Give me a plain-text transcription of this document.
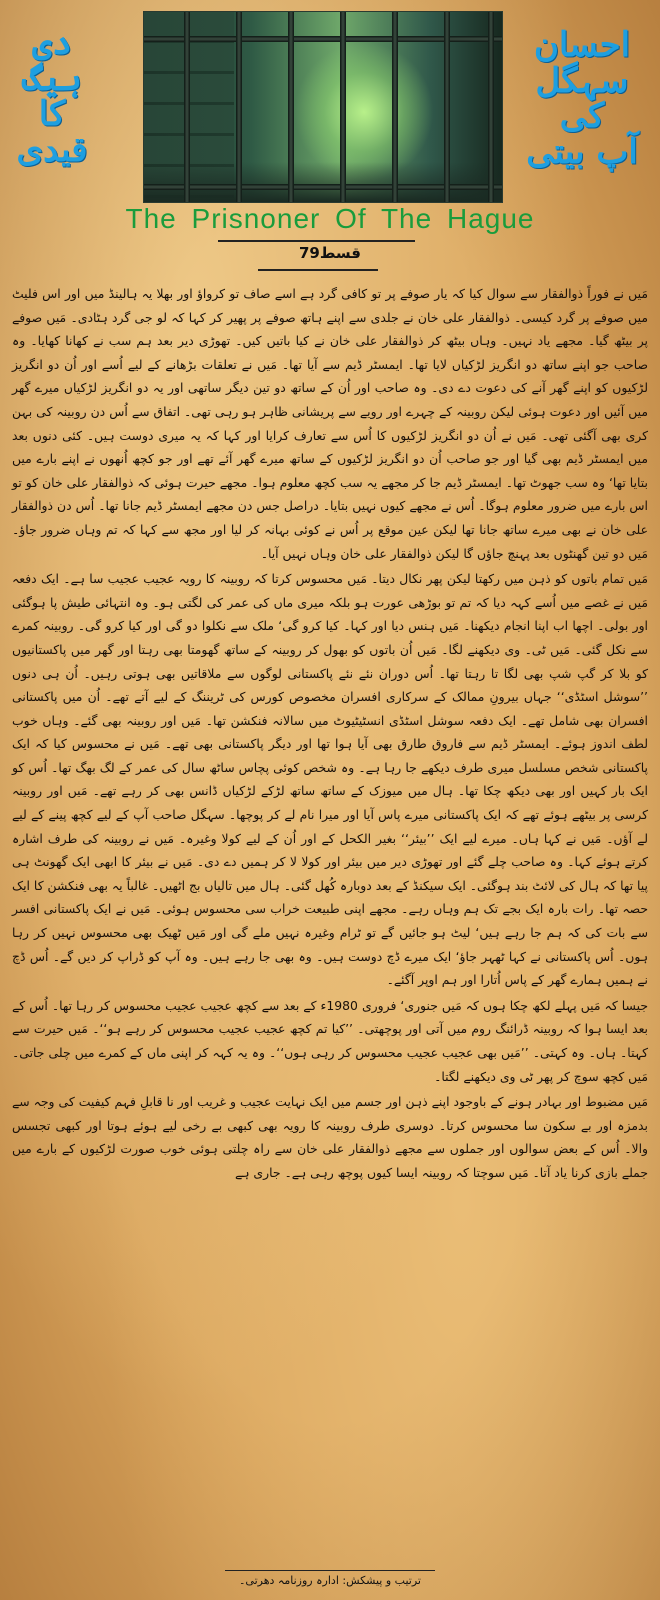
احسان سہگل
کی
آپ بیتی
دی ہیگ
کا
قیدی
The Prisnoner Of The Hague
قسط79

مَیں نے فوراً ذوالفقار سے سوال کیا کہ یار صوفے پر تو کافی گرد ہے اسے صاف تو کرواؤ اور بھلا یہ ہالینڈ میں اور اس فلیٹ میں صوفے پر گرد کیسی۔ ذوالفقار علی خان نے جلدی سے اپنے ہاتھ صوفے پر پھیر کر کہا کہ لو جی گرد ہٹادی۔ مَیں صوفے پر بیٹھ گیا۔ مجھے یاد نہیں۔ وہاں بیٹھ کر ذوالفقار علی خان نے کیا باتیں کیں۔ تھوڑی دیر بعد ہم سب نے کھانا کھایا۔ وہ صاحب جو اپنے ساتھ دو انگریز لڑکیاں لایا تھا۔ ایمسٹر ڈیم سے آیا تھا۔ مَیں نے تعلقات بڑھانے کے لیے اُسے اور اُن دو انگریز لڑکیوں کو اپنے گھر آنے کی دعوت دے دی۔ وہ صاحب اور اُن کے ساتھ دو تین دیگر ساتھی اور یہ دو انگریز لڑکیاں میرے گھر میں آئیں اور دعوت ہوئی لیکن روبینہ کے چہرے اور رویے سے پریشانی ظاہر ہو رہی تھی۔ اتفاق سے اُس دن روبینہ کی بہن کری بھی آگئی تھی۔ مَیں نے اُن دو انگریز لڑکیوں کا اُس سے تعارف کرایا اور کہا کہ یہ میری دوست ہیں۔ کئی دنوں بعد میں ایمسٹر ڈیم بھی گیا اور جو صاحب اُن دو انگریز لڑکیوں کے ساتھ میرے گھر آئے تھے اور جو کچھ اُنھوں نے اپنے بارے میں بتایا تھا‘ وہ سب جھوٹ تھا۔ ایمسٹر ڈیم جا کر مجھے یہ سب کچھ معلوم ہوا۔ مجھے حیرت ہوئی کہ ذوالفقار علی خان کو تو اس بارے میں ضرور معلوم ہوگا۔ اُس نے مجھے کیوں نہیں بتایا۔ دراصل جس دن مجھے ایمسٹر ڈیم جانا تھا۔ اُس دن ذوالفقار علی خان نے بھی میرے ساتھ جانا تھا لیکن عین موقع پر اُس نے کوئی بہانہ کر لیا اور مجھ سے کہا کہ تم وہاں ضرور جاؤ۔ مَیں دو تین گھنٹوں بعد پہنچ جاؤں گا لیکن ذوالفقار علی خان وہاں نہیں آیا۔

مَیں تمام باتوں کو ذہن میں رکھتا لیکن پھر نکال دیتا۔ مَیں محسوس کرتا کہ روبینہ کا رویہ عجیب عجیب سا ہے۔ ایک دفعہ مَیں نے غصے میں اُسے کہہ دیا کہ تم تو بوڑھی عورت ہو بلکہ میری ماں کی عمر کی لگتی ہو۔ وہ انتہائی طیش پا ہوگئی اور بولی۔ اچھا اب اپنا انجام دیکھنا۔ مَیں ہنس دیا اور کہا۔ کیا کرو گی‘ ملک سے نکلوا دو گی اور کیا کرو گی۔ روبینہ کمرے سے نکل گئی۔ مَیں ٹی۔ وی دیکھنے لگا۔ مَیں اُن باتوں کو بھول کر روبینہ کے ساتھ گھومتا بھی رہتا اور گھر میں پاکستانیوں کو بلا کر گپ شپ بھی لگا تا رہتا تھا۔ اُس دوران نئے نئے پاکستانی لوگوں سے ملاقاتیں بھی ہوتی رہیں۔ اُن ہی دنوں ’’سوشل اسٹڈی‘‘ جہاں بیرونِ ممالک کے سرکاری افسران مخصوص کورس کی ٹریننگ کے لیے آتے تھے۔ اُن میں پاکستانی افسران بھی شامل تھے۔ ایک دفعہ سوشل اسٹڈی انسٹیٹیوٹ میں سالانہ فنکشن تھا۔ مَیں اور روبینہ بھی گئے۔ وہاں خوب لطف اندوز ہوئے۔ ایمسٹر ڈیم سے فاروق طارق بھی آیا ہوا تھا اور دیگر پاکستانی بھی تھے۔ مَیں نے محسوس کیا کہ ایک پاکستانی شخص مسلسل میری طرف دیکھے جا رہا ہے۔ وہ شخص کوئی پچاس ساٹھ سال کی عمر کے لگ بھگ تھا۔ اُس کو ایک بار کہیں اور بھی دیکھ چکا تھا۔ ہال میں میوزک کے ساتھ ساتھ لڑکے لڑکیاں ڈانس بھی کر رہے تھے۔ مَیں اور روبینہ کرسی پر بیٹھے ہوئے تھے کہ ایک پاکستانی میرے پاس آیا اور میرا نام لے کر پوچھا۔ سہگل صاحب آپ کے لیے کچھ پینے کے لیے لے آؤں۔ مَیں نے کہا ہاں۔ میرے لیے ایک ’’بیئر‘‘ بغیر الکحل کے اور اُن کے لیے کولا وغیرہ۔ مَیں نے روبینہ کی طرف اشارہ کرتے ہوئے کہا۔ وہ صاحب چلے گئے اور تھوڑی دیر میں بیئر اور کولا لا کر ہمیں دے دی۔ مَیں نے بیئر کا ابھی ایک گھونٹ ہی پیا تھا کہ ہال کی لائٹ بند ہوگئی۔ ایک سیکنڈ کے بعد دوبارہ کُھل گئی۔ ہال میں تالیاں بج اٹھیں۔ غالباً یہ بھی فنکشن کا ایک حصہ تھا۔ رات بارہ ایک بجے تک ہم وہاں رہے۔ مجھے اپنی طبیعت خراب سی محسوس ہوئی۔ مَیں نے ایک پاکستانی افسر سے بات کی کہ ہم جا رہے ہیں‘ لیٹ ہو جائیں گے تو ٹرام وغیرہ نہیں ملے گی اور مَیں ٹھیک بھی محسوس نہیں کر رہا ہوں۔ اُس پاکستانی نے کہا ٹھہر جاؤ‘ ایک میرے ڈچ دوست ہیں۔ وہ بھی جا رہے ہیں۔ وہ آپ کو ڈراپ کر دیں گے۔ اُس ڈچ نے ہمیں ہمارے گھر کے پاس اُتارا اور ہم اوپر آگئے۔

جیسا کہ مَیں پہلے لکھ چکا ہوں کہ مَیں جنوری‘ فروری 1980ء کے بعد سے کچھ عجیب عجیب محسوس کر رہا تھا۔ اُس کے بعد ایسا ہوا کہ روبینہ ڈرائنگ روم میں آتی اور پوچھتی۔ ’’کیا تم کچھ عجیب عجیب محسوس کر رہے ہو‘‘۔ مَیں حیرت سے کہتا۔ ہاں۔ وہ کہتی۔ ’’مَیں بھی عجیب عجیب محسوس کر رہی ہوں‘‘۔ وہ یہ کہہ کر اپنی ماں کے کمرے میں چلی جاتی۔ مَیں کچھ سوچ کر پھر ٹی وی دیکھنے لگتا۔

مَیں مضبوط اور بہادر ہونے کے باوجود اپنے ذہن اور جسم میں ایک نہایت عجیب و غریب اور نا قابلِ فہم کیفیت کی وجہ سے بدمزہ اور بے سکون سا محسوس کرتا۔ دوسری طرف روبینہ کا رویہ بھی کبھی بے رخی لیے ہوئے ہوتا اور کبھی تجسس والا۔ اُس کے بعض سوالوں اور جملوں سے مجھے ذوالفقار علی خان سے راہ چلتی ہوئی خوب صورت لڑکیوں کے بارے میں جملے بازی کرنا یاد آتا۔ مَیں سوچتا کہ روبینہ ایسا کیوں پوچھ رہی ہے۔ جاری ہے

ترتیب و پیشکش: ادارہ روزنامہ دھرتی۔
